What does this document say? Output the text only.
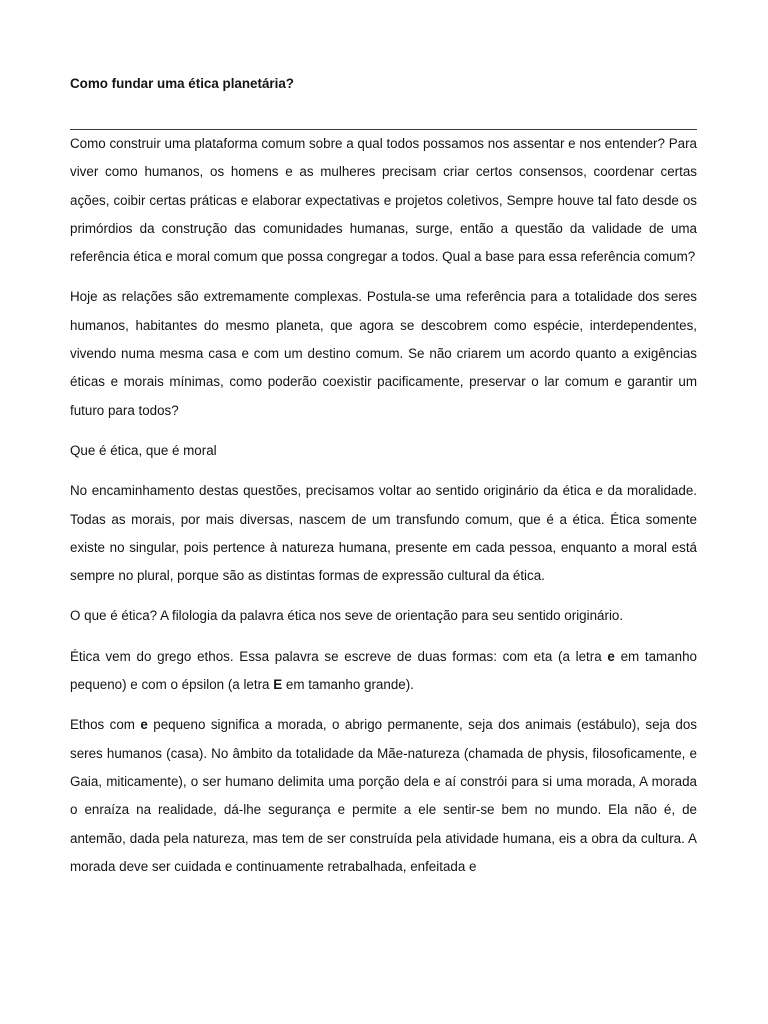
Como fundar uma ética planetária?

Como construir uma plataforma comum sobre a qual todos possamos nos assentar e nos entender? Para viver como humanos, os homens e as mulheres precisam criar certos consensos, coordenar certas ações, coibir certas práticas e elaborar expectativas e projetos coletivos, Sempre houve tal fato desde os primórdios da construção das comunidades humanas, surge, então a questão da validade de uma referência ética e moral comum que possa congregar a todos. Qual a base para essa referência comum?

Hoje as relações são extremamente complexas. Postula-se uma referência para a totalidade dos seres humanos, habitantes do mesmo planeta, que agora se descobrem como espécie, interdependentes, vivendo numa mesma casa e com um destino comum. Se não criarem um acordo quanto a exigências éticas e morais mínimas, como poderão coexistir pacificamente, preservar o lar comum e garantir um futuro para todos?

Que é ética, que é moral

No encaminhamento destas questões, precisamos voltar ao sentido originário da ética e da moralidade. Todas as morais, por mais diversas, nascem de um transfundo comum, que é a ética. Ética somente existe no singular, pois pertence à natureza humana, presente em cada pessoa, enquanto a moral está sempre no plural, porque são as distintas formas de expressão cultural da ética.

O que é ética? A filologia da palavra ética nos seve de orientação para seu sentido originário.

Ética vem do grego ethos. Essa palavra se escreve de duas formas: com eta (a letra e em tamanho pequeno) e com o épsilon (a letra E em tamanho grande).

Ethos com e pequeno significa a morada, o abrigo permanente, seja dos animais (estábulo), seja dos seres humanos (casa). No âmbito da totalidade da Mãe-natureza (chamada de physis, filosoficamente, e Gaia, miticamente), o ser humano delimita uma porção dela e aí constrói para si uma morada, A morada o enraíza na realidade, dá-lhe segurança e permite a ele sentir-se bem no mundo. Ela não é, de antemão, dada pela natureza, mas tem de ser construída pela atividade humana, eis a obra da cultura. A morada deve ser cuidada e continuamente retrabalhada, enfeitada e
